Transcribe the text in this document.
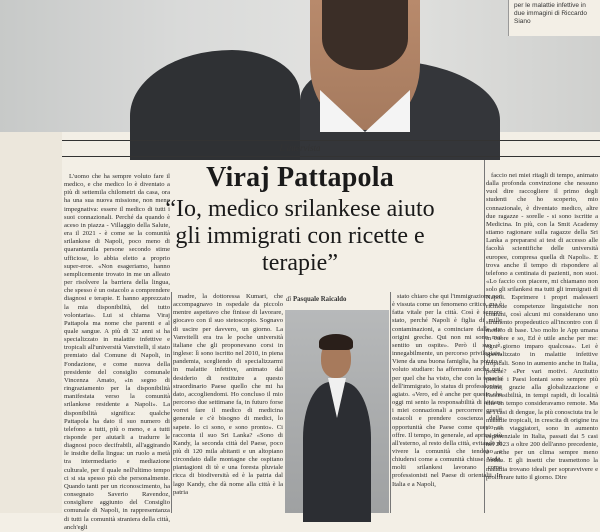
per le malattie infettive in due immagini di Riccardo Siano
L'intervista
Viraj Pattapola
“Io, medico srilankese aiuto gli immigrati con ricette e terapie”

L'uomo che ha sempre voluto fare il medico, e che medico lo è diventato a più di settemila chilometri da casa, ora ha una sua nuova missione, non meno impegnativa: essere il medico di tutti i suoi connazionali. Perché da quando è aceso in piazza - Villaggio della Salute, era il 2021 - è come se la comunità srilankese di Napoli, poco meno di quarantamila persone secondo stime ufficiose, lo abbia eletto a proprio super-eroe. «Non esageriamo, hanno semplicemente trovato in me un alleato per risolvere la barriera della lingua, che spesso è un ostacolo a comprendere diagnosi e terapie. E hanno apprezzato la mia disponibilità, del tutto volontaria». Lui si chiama Viraj Pattapola ma nome che parenti e al quale sangue. A più di 32 anni si ha specializzato in malattie infettive e tropicali all'università Vanvitelli, il stato premiato dal Comune di Napoli, in Fondazione, e come nuova della presidente del consiglio comunale Vincenza Amato, «in segno di ringraziamento per la disponibilità manifestata verso la comunità srilankese residente a Napoli». La disponibilità significa: qualche Pattapola ha dato il suo numero di telefono a tutti, più o meno, e a tutti risponde per aiutarli a tradurre le diagnosi poco decifrabili, all'aggirando le insidie della lingua: un ruolo a metà tra intermediario e mediazione culturale, per il quale nell'ultimo tempo ci si sta spesso più che personalmente. Quando tanti per un riconoscimento, ha consegnato Saverio Ravendoz, consigliere aggiunto del Consiglio comunale di Napoli, in rappresentanza di tutti la comunità straniera della città, anch'egli

madre, la dottoressa Kumari, che accompagnavo in ospedale da piccolo mentre aspettavo che finisse di lavorare, giocavo con il suo stetoscopio. Sognavo di uscire per davvero, un giorno. La Vanvitelli era tra le poche università italiane che gli proponevano corsi in inglese: lì sono iscritto nel 2010, in piena pandemia, scegliendo di specializzarmi in malattie infettive, animato dal desiderio di restituire a questo straordinario Paese quello che mi ha dato, accogliendomi. Ho concluso il mio percorso due settimane fa, in futuro forse vorrei fare il medico di medicina generale e c'è bisogno di medici, lo sapete. lo ci sono, e sono pronto». Ci racconta il suo Sri Lanka? «Sono di Kandy, la seconda città del Paese, poco più di 120 mila abitanti e un altopiano circondato dalle montagne che ospitano piantagioni di tè e una foresta pluviale ricca di biodiversità ed è la patria dal lago Kandy, che dà nome alla città è la patria

stato chiaro che qui l'immigrazione non è vissuta come un fenomeno critico, ma è fatta vitale per la città. Così è sempre stato, perché Napoli è figlia di mille contaminazioni, a cominciare dalle sue origini greche. Qui non mi sono mai sentito un ospite». Però il suo è, innegabilmente, un percorso privilegiato. Viene da una buona famiglia, ha potuto e voluto studiare: ha affermato anche qui, per quel che ha visto, che con la tenacia dell'immigrato, lo status di professionista agiato. «Vero, ed è anche per questo che oggi mi sento la responsabilità di aiutare i miei connazionali a percorrere questi ostacoli e prendere coscienza delle opportunità che Paese come questo ci offre. Il tempo, in generale, ad aprirsi più all'esterno, al resto della città, evitando di vivere la comunità che tendono a chiudersi come a comunità chiuse. Vede, molti srilankesi lavorano come professionisti nel Paese di orientalii. In Italia e a Napoli,

faccio nei miei ritagli di tempo, animato dalla profonda convinzione che nessuno vuol dire raccogliere il primo degli studenti che ho scoperto, mio connazionale, è diventato medico, altre due ragazze - sorelle - si sono iscritte a Medicina. In più, con la Smit Academy stiamo ragionare sulla ragazze della Sri Lanka a prepararsi ai test di accesso alle facoltà scientifiche delle università europee, compresa quella di Napoli». E trova anche il tempo di rispondere al telefono a centinaia di pazienti, non suoi. «Lo faccio con piacere, mi chiamano non solo gli srilankesi ma tutti gli immigrati di Napoli. Esprimere i propri malesseri richiede competenze linguistiche non comuni, così alcuni mi considerano uno strumento propedeutico all'incontro con il medico di base. Uso molto le App umana in cuore e so, Ed è utile anche per me: ogni giorno imparo qualcosa». Lei è specializzato in malattie infettive tropicali. Sono in aumento anche in Italia, perché? «Per vari motivi. Anzitutto perché i Paesi lontani sono sempre più vicini, grazie alla globalizzazione e l'accessibilità, in tempi rapidi, di località che un tempo consideravamo remote. Ma se i casi di dengue, la più conosciuta tra le malattie tropicali, in crescita di origine tra i non viaggiatori, sono in aumento esponenziale in Italia, passati dai 5 casi nel 2023 a oltre 200 dell'anno precedente, è anche per un clima sempre meno freddo. E gli insetti che trasmettono la malattia trovano ideali per sopravvivere e proliferare tutto il giorno. Dire

di Pasquale Raicaldo
